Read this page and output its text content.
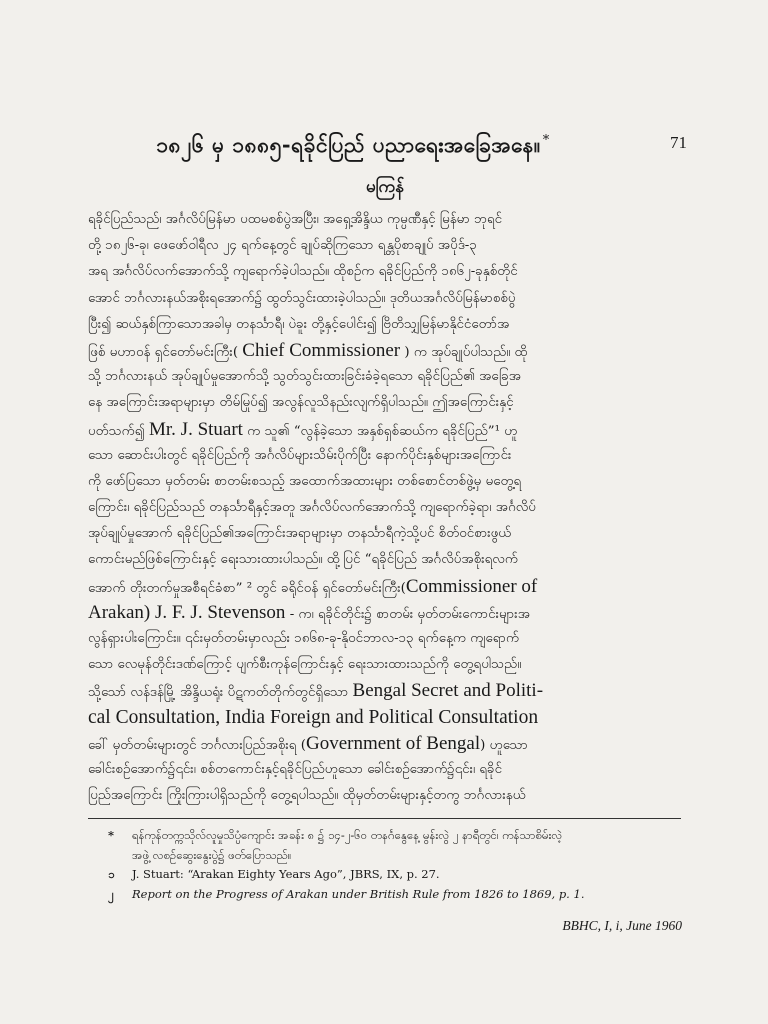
၁၈၂၆ မှ ၁၈၈၅-ရခိုင်ပြည် ပညာရေးအခြေအနေ။ *	71
မကြန်
ရခိုင်ပြည်သည်၊ အင်္ဂလိပ်မြန်မာ ပထမစစ်ပွဲအပြီး၊ အရှေ့အိန္ဒိယ ကုမ္ပဏီနှင့် မြန်မာ ဘုရင်
တို့ ၁၈၂၆-ခု၊ ဖေဖော်ဝါရီလ ၂၄ ရက်နေ့တွင် ချုပ်ဆိုကြသော ရန္တပိုစာချုပ် အပိုဒ်-၃
အရ အင်္ဂလိပ်လက်အောက်သို့ ကျရောက်ခဲ့ပါသည်။ ထိုစဉ်က ရခိုင်ပြည်ကို ၁၈၆၂-ခုနှစ်တိုင်
အောင် ဘင်္ဂလားနယ်အစိုးရအောက်၌ ထွတ်သွင်းထားခဲ့ပါသည်။ ဒုတိယအင်္ဂလိပ်မြန်မာစစ်ပွဲ
ပြီး၍ ဆယ်နှစ်ကြာသောအခါမှ တနင်္သာရီ၊ ပဲခူး တို့နှင့်ပေါင်း၍ ဗြိတိသျှမြန်မာနိုင်ငံတော်အ
ဖြစ် မဟာဝန် ရှင်တော်မင်းကြီး( Chief Commissioner ) က အုပ်ချုပ်ပါသည်။ ထို
သို့ ဘင်္ဂလားနယ် အုပ်ချုပ်မှုအောက်သို့ သွတ်သွင်းထားခြင်းခံခဲ့ရသော ရခိုင်ပြည်၏ အခြေအ
နေ အကြောင်းအရာများမှာ တိမ်မြုပ်၍ အလွန်လူသိနည်းလျက်ရှိပါသည်။ ဤအကြောင်းနှင့်
ပတ်သက်၍ Mr. J. Stuart က သူ၏ “လွန်ခဲ့သော အနှစ်ရှစ်ဆယ်က ရခိုင်ပြည်”¹ ဟူ
သော ဆောင်းပါးတွင် ရခိုင်ပြည်ကို အင်္ဂလိပ်များသိမ်းပိုက်ပြီး နောက်ပိုင်းနှစ်များအကြောင်း
ကို ဖော်ပြသော မှတ်တမ်း စာတမ်းစသည့် အထောက်အထားများ တစ်စောင်တစ်ဖွဲ့မှ မတွေ့ရ
ကြောင်း၊ ရခိုင်ပြည်သည် တနင်္သာရီနှင့်အတူ အင်္ဂလိပ်လက်အောက်သို့ ကျရောက်ခဲ့ရာ၊ အင်္ဂလိပ်
အုပ်ချုပ်မှုအောက် ရခိုင်ပြည်၏အကြောင်းအရာများမှာ တနင်္သာရီကဲ့သို့ပင် စိတ်ဝင်စားဖွယ်
ကောင်းမည်ဖြစ်ကြောင်းနှင့် ရေးသားထားပါသည်။ ထို့ပြင် “ရခိုင်ပြည် အင်္ဂလိပ်အစိုးရလက်
အောက် တိုးတက်မှုအစီရင်ခံစာ” ² တွင် ခရိုင်ဝန် ရှင်တော်မင်းကြီး(Commissioner of
Arakan) J. F. J. Stevenson - က၊ ရခိုင်တိုင်း၌ စာတမ်း မှတ်တမ်းကောင်းများအ
လွန်ရှားပါးကြောင်း။ ၎င်းမှတ်တမ်းမှာလည်း ၁၈၆၈-ခု-နိုဝင်ဘာလ-၁၃ ရက်နေ့က ကျရောက်
သော လေမုန်တိုင်းဒဏ်ကြောင့် ပျက်စီးကုန်ကြောင်းနှင့် ရေးသားထားသည်ကို တွေ့ရပါသည်။
သို့သော် လန်ဒန်မြို့ အိန္ဒိယရုံး ပိဋကတ်တိုက်တွင်ရှိသော Bengal Secret and Politi-
cal Consultation, India Foreign and Political Consultation
ခေါ် မှတ်တမ်းများတွင် ဘင်္ဂလားပြည်အစိုးရ (Government of Bengal) ဟူသော
ခေါင်းစဉ်အောက်၌၎င်း၊ စစ်တကောင်းနှင့်ရခိုင်ပြည်ဟူသော ခေါင်းစဉ်အောက်၌၎င်း၊ ရခိုင်
ပြည်အကြောင်း ကြိုးကြားပါရှိသည်ကို တွေ့ရပါသည်။ ထိုမှတ်တမ်းများနှင့်တကွ ဘင်္ဂလားနယ်
* ရန်ကုန်တက္ကသိုလ်လူမှုသိပ္ပံကျောင်း အခန်း ၈ ၌ ၁၄-၂-၆၀ တနင်္ဂနွေနေ့ မွန်းလွဲ ၂ နာရီတွင်၊ ကန်သာစိမ်းလဲ့
အဖွဲ့ လစဉ်ဆွေးနွေးပွဲ၌ ဖတ်ပြောသည်။
၁ J. Stuart: “Arakan Eighty Years Ago”, JBRS, IX, p. 27.
၂ Report on the Progress of Arakan under British Rule from 1826 to 1869, p. 1.
BBHC, I, i, June 1960
